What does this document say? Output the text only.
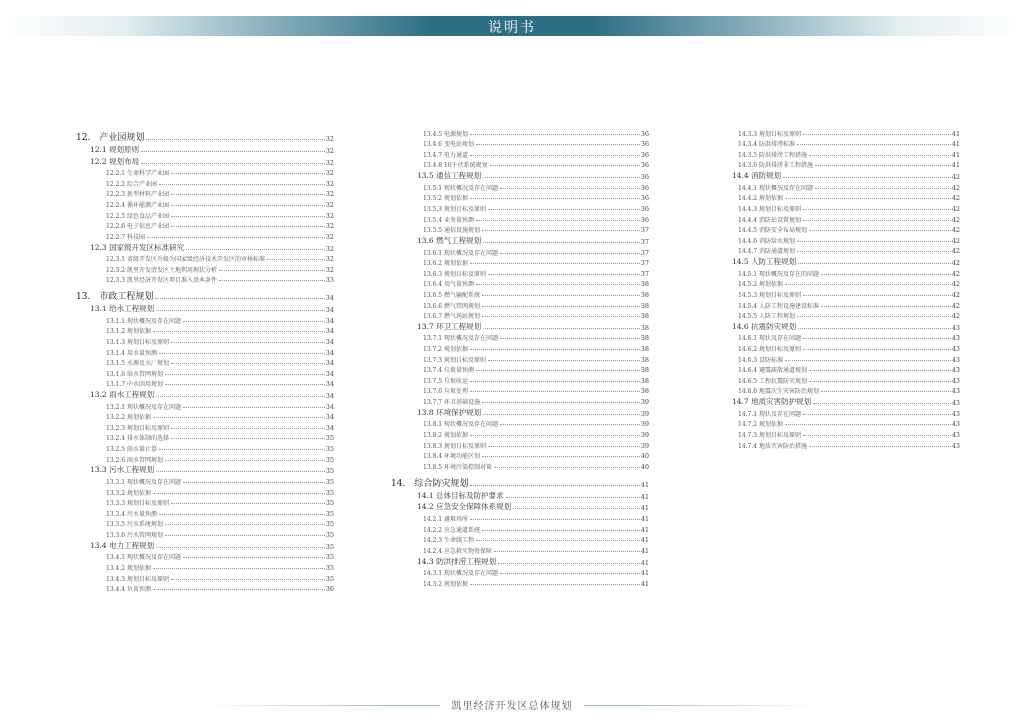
说明书
12.　产业园规划	32
12.1 规划原则	32
12.2 规划布局	32
12.2.1 生命科学产业园	32
12.2.2 综合产业园	32
12.2.3 新型材料产业园	32
12.2.4 循环能源产业园	32
12.2.5 绿色食品产业园	32
12.2.6 电子信息产业园	32
12.2.7 科技园	32
12.3 国家级开发区标准研究	32
12.3.1 省级开发区升级为国家级经济技术开发区的审核标准	32
12.3.2 凯里开发清发区土地利用现状分析	32
12.3.3 凯里经济开发区项目准入基本条件	33
13.　市政工程规划	34
13.1 给水工程规划	34
13.1.1 现状概况及存在问题	34
13.1.2 规划依据	34
13.1.3 规划目标及原则	34
13.1.4 用水量预测	34
13.1.5 水源及水厂规划	34
13.1.6 给水管网规划	34
13.1.7 中水回用规划	34
13.2 雨水工程规划	34
13.2.1 现状概况及存在问题	34
13.2.2 规划依据	34
13.2.3 规划目标及原则	34
13.2.4 排水体制的选择	35
13.2.5 雨水量计算	35
13.2.6 雨水管网规划	35
13.3 污水工程规划	35
13.3.1 现状概况及存在问题	35
13.3.2 规划依据	35
13.3.3 规划目标及原则	35
13.3.4 污水量预测	35
13.3.5 污水系统规划	35
13.3.6 污水管网规划	35
13.4 电力工程规划	35
13.4.1 现状概况及存在问题	35
13.4.2 规划依据	35
13.4.3 规划目标及原则	35
13.4.4 负荷预测	36
13.4.5 电源规划	36
13.4.6 变电站规划	36
13.4.7 电力通道	36
13.4.8 10千伏系统规划	36
13.5 通信工程规划	36
13.5.1 现状概况及存在问题	36
13.5.2 规划依据	36
13.5.3 规划目标及原则	36
13.5.4 业务量预测	36
13.5.5 通信设施规划	37
13.6 燃气工程规划	37
13.6.1 现状概况及存在问题	37
13.6.2 规划依据	37
13.6.3 规划目标及原则	37
13.6.4 用气量预测	38
13.6.5 燃气输配系统	38
13.6.6 燃气管网规划	38
13.6.7 燃气场站规划	38
13.7 环卫工程规划	38
13.7.1 现状概况及存在问题	38
13.7.2 规划依据	38
13.7.3 规划目标及原则	38
13.7.4 垃圾量预测	38
13.7.5 垃圾收运	38
13.7.6 垃圾处理	38
13.7.7 环卫基础设施	39
13.8 环境保护规划	39
13.8.1 现状概况及存在问题	39
13.8.2 规划依据	39
13.8.3 规划目标及原则	39
13.8.4 环境功能区划	40
13.8.5 环境污染控制对策	40
14.　综合防灾规划	41
14.1 总体目标及防护要求	41
14.2 应急安全保障体系规划	41
14.2.1 避难场所	41
14.2.2 应急通道系统	41
14.2.3 生命线工程	41
14.2.4 应急救灾物资保障	41
14.3 防洪排涝工程规划	41
14.3.1 现状概况及存在问题	41
14.3.2 规划依据	41
14.3.3 规划目标及原则	41
14.3.4 防洪排涝标准	41
14.3.5 防洪排涝工程措施	41
14.3.6 防洪排涝非工程措施	41
14.4 消防规划	42
14.4.1 现状概况及存在问题	42
14.4.2 规划依据	42
14.4.3 规划目标及原则	42
14.4.4 消防站设置规划	42
14.4.5 消防安全布局规划	42
14.4.6 消防给水规划	42
14.4.7 消防通道规划	42
14.5 人防工程规划	42
14.5.1 现状概况及存在的问题	42
14.5.2 规划依据	42
14.5.3 规划目标及原则	42
14.5.4 人防工程设施建设标准	42
14.5.5 人防工程规划	42
14.6 抗震防灾规划	43
14.6.1 现状及存在问题	43
14.6.2 规划目标及原则	43
14.6.3 设防标准	43
14.6.4 避震疏散通道规划	43
14.6.5 工程抗震防灾规划	43
14.6.6 地震次生灾害防治规划	43
14.7 地质灾害防护规划	43
14.7.1 现状及存在问题	43
14.7.2 规划依据	43
14.7.3 规划目标及原则	43
14.7.4 地质灾害防治措施	43
凯里经济开发区总体规划
